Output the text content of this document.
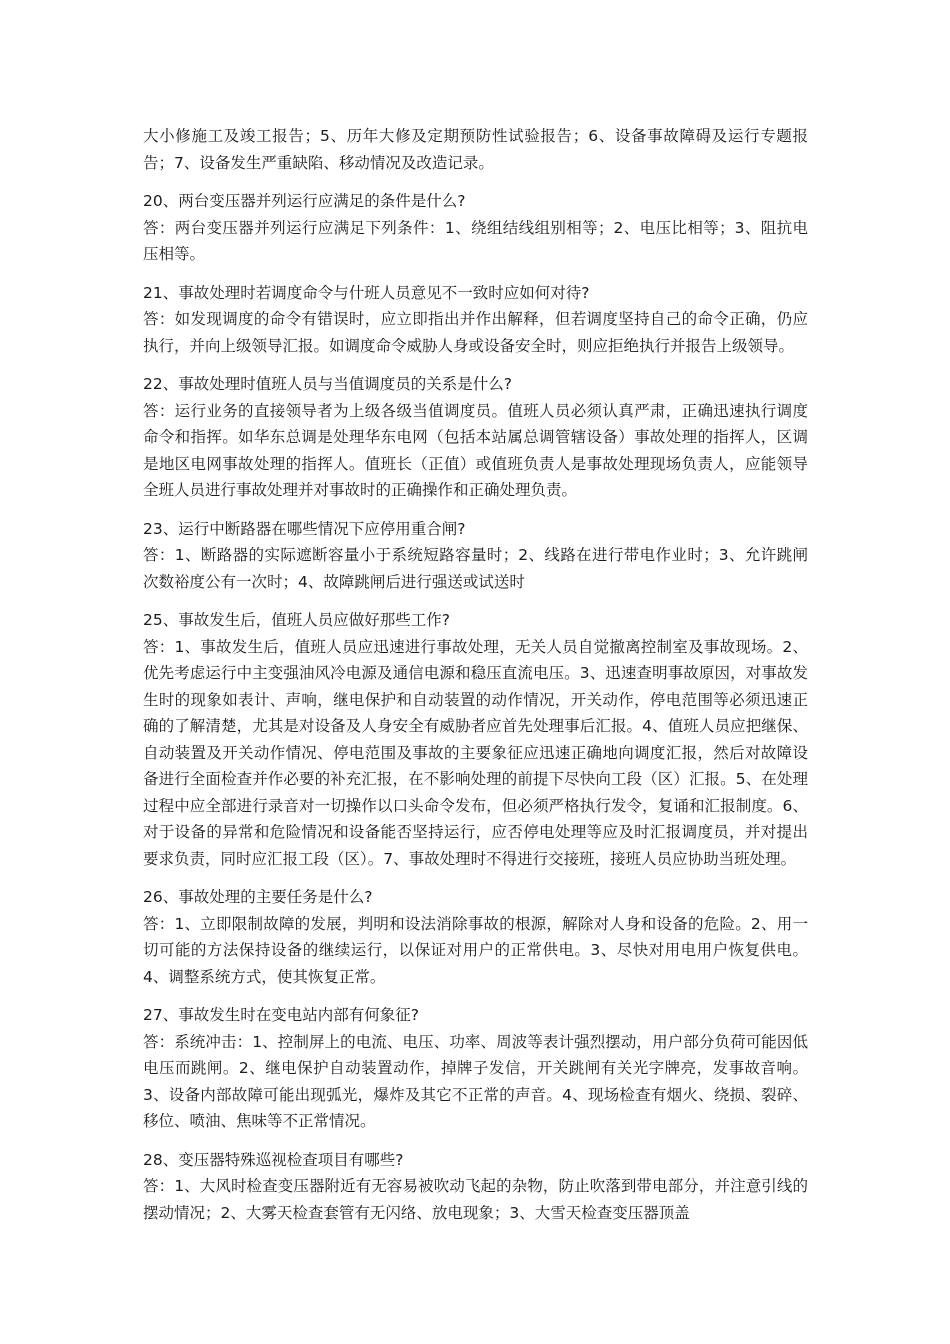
大小修施工及竣工报告；5、历年大修及定期预防性试验报告；6、设备事故障碍及运行专题报告；7、设备发生严重缺陷、移动情况及改造记录。

20、两台变压器并列运行应满足的条件是什么?

答：两台变压器并列运行应满足下列条件：1、绕组结线组别相等；2、电压比相等；3、阻抗电压相等。

21、事故处理时若调度命令与什班人员意见不一致时应如何对待?

答：如发现调度的命令有错误时，应立即指出并作出解释，但若调度坚持自己的命令正确，仍应执行，并向上级领导汇报。如调度命令威胁人身或设备安全时，则应拒绝执行并报告上级领导。

22、事故处理时值班人员与当值调度员的关系是什么?

答：运行业务的直接领导者为上级各级当值调度员。值班人员必须认真严肃，正确迅速执行调度命令和指挥。如华东总调是处理华东电网（包括本站属总调管辖设备）事故处理的指挥人，区调是地区电网事故处理的指挥人。值班长（正值）或值班负责人是事故处理现场负责人，应能领导全班人员进行事故处理并对事故时的正确操作和正确处理负责。

23、运行中断路器在哪些情况下应停用重合闸?

答：1、断路器的实际遮断容量小于系统短路容量时；2、线路在进行带电作业时；3、允许跳闸次数裕度公有一次时；4、故障跳闸后进行强送或试送时

25、事故发生后，值班人员应做好那些工作?

答：1、事故发生后，值班人员应迅速进行事故处理，无关人员自觉撤离控制室及事故现场。2、优先考虑运行中主变强油风冷电源及通信电源和稳压直流电压。3、迅速查明事故原因，对事故发生时的现象如表计、声响，继电保护和自动装置的动作情况，开关动作，停电范围等必须迅速正确的了解清楚，尤其是对设备及人身安全有威胁者应首先处理事后汇报。4、值班人员应把继保、自动装置及开关动作情况、停电范围及事故的主要象征应迅速正确地向调度汇报，然后对故障设备进行全面检查并作必要的补充汇报，在不影响处理的前提下尽快向工段（区）汇报。5、在处理过程中应全部进行录音对一切操作以口头命令发布，但必须严格执行发令，复诵和汇报制度。6、对于设备的异常和危险情况和设备能否坚持运行，应否停电处理等应及时汇报调度员，并对提出要求负责，同时应汇报工段（区）。7、事故处理时不得进行交接班，接班人员应协助当班处理。

26、事故处理的主要任务是什么?

答：1、立即限制故障的发展，判明和设法消除事故的根源，解除对人身和设备的危险。2、用一切可能的方法保持设备的继续运行，以保证对用户的正常供电。3、尽快对用电用户恢复供电。4、调整系统方式，使其恢复正常。

27、事故发生时在变电站内部有何象征?

答：系统冲击：1、控制屏上的电流、电压、功率、周波等表计强烈摆动，用户部分负荷可能因低电压而跳闸。2、继电保护自动装置动作，掉牌子发信，开关跳闸有关光字牌亮，发事故音响。3、设备内部故障可能出现弧光，爆炸及其它不正常的声音。4、现场检查有烟火、绕损、裂碎、移位、喷油、焦味等不正常情况。

28、变压器特殊巡视检查项目有哪些?

答：1、大风时检查变压器附近有无容易被吹动飞起的杂物，防止吹落到带电部分，并注意引线的摆动情况；2、大雾天检查套管有无闪络、放电现象；3、大雪天检查变压器顶盖
